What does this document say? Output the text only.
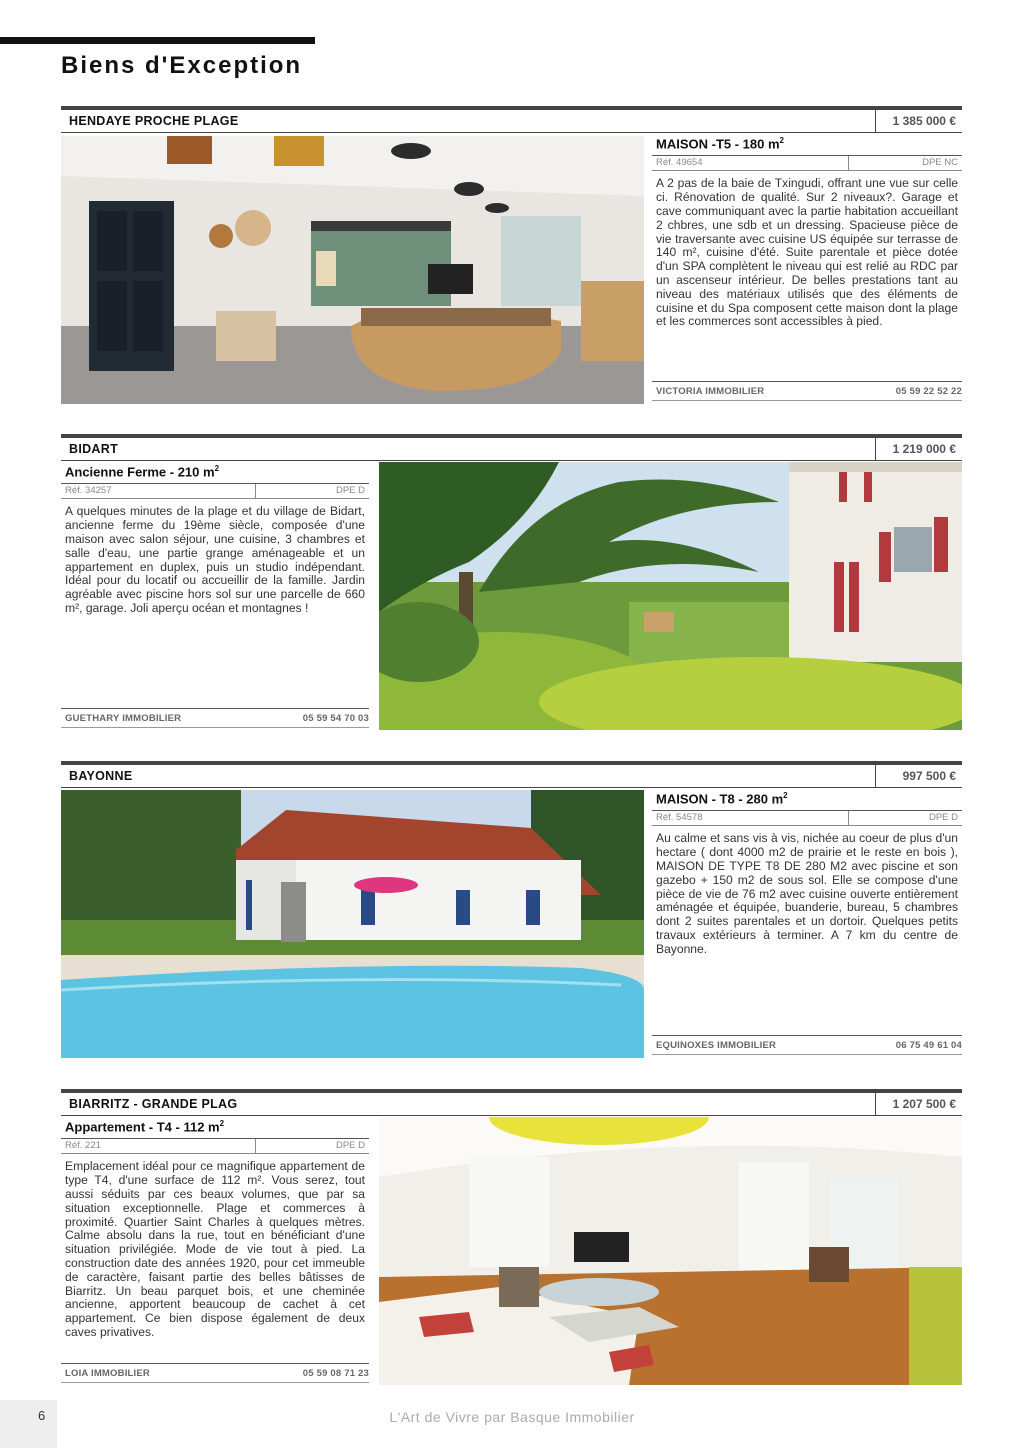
Biens d'Exception
HENDAYE PROCHE PLAGE	1 385 000 €
MAISON -T5 - 180 $m^2$
Réf. 49654	DPE NC
A 2 pas de la baie de Txingudi, offrant une vue sur celle ci. Rénovation de qualité. Sur 2 niveaux?. Garage et cave communiquant avec la partie habitation accueillant 2 chbres, une sdb et un dressing. Spacieuse pièce de vie traversante avec cuisine US équipée sur terrasse de 140 m², cuisine d'été. Suite parentale et pièce dotée d'un SPA complètent le niveau qui est relié au RDC par un ascenseur intérieur. De belles prestations tant au niveau des matériaux utilisés que des éléments de cuisine et du Spa composent cette maison dont la plage et les commerces sont accessibles à pied.
VICTORIA IMMOBILIER	05 59 22 52 22
BIDART	1 219 000 €
Ancienne Ferme - 210 $m^2$
Réf. 34257	DPE D
A quelques minutes de la plage et du village de Bidart, ancienne ferme du 19ème siècle, composée d'une maison avec salon séjour, une cuisine, 3 chambres et salle d'eau, une partie grange aménageable et un appartement en duplex, puis un studio indépendant. Idéal pour du locatif ou accueillir de la famille. Jardin agréable avec piscine hors sol sur une parcelle de 660 m², garage. Joli aperçu océan et montagnes !
GUETHARY IMMOBILIER	05 59 54 70 03
BAYONNE	997 500 €
MAISON - T8 - 280 $m^2$
Réf. 54578	DPE D
Au calme et sans vis à vis, nichée au coeur de plus d'un hectare ( dont 4000 m2 de prairie et le reste en bois ), MAISON DE TYPE T8 DE 280 M2 avec piscine et son gazebo + 150 m2 de sous sol. Elle se compose d'une pièce de vie de 76 m2 avec cuisine ouverte entièrement aménagée et équipée, buanderie, bureau, 5 chambres dont 2 suites parentales et un dortoir. Quelques petits travaux extérieurs à terminer. A 7 km du centre de Bayonne.
EQUINOXES IMMOBILIER	06 75 49 61 04
BIARRITZ - GRANDE PLAG	1 207 500 €
Appartement - T4 - 112 $m^2$
Réf. 221	DPE D
Emplacement idéal pour ce magnifique appartement de type T4, d'une surface de 112 m². Vous serez, tout aussi séduits par ces beaux volumes, que par sa situation exceptionnelle. Plage et commerces à proximité. Quartier Saint Charles à quelques mètres. Calme absolu dans la rue, tout en bénéficiant d'une situation privilégiée. Mode de vie tout à pied. La construction date des années 1920, pour cet immeuble de caractère, faisant partie des belles bâtisses de Biarritz. Un beau parquet bois, et une cheminée ancienne, apportent beaucoup de cachet à cet appartement. Ce bien dispose également de deux caves privatives.
LOIA IMMOBILIER	05 59 08 71 23
6	L'Art de Vivre par Basque Immobilier
